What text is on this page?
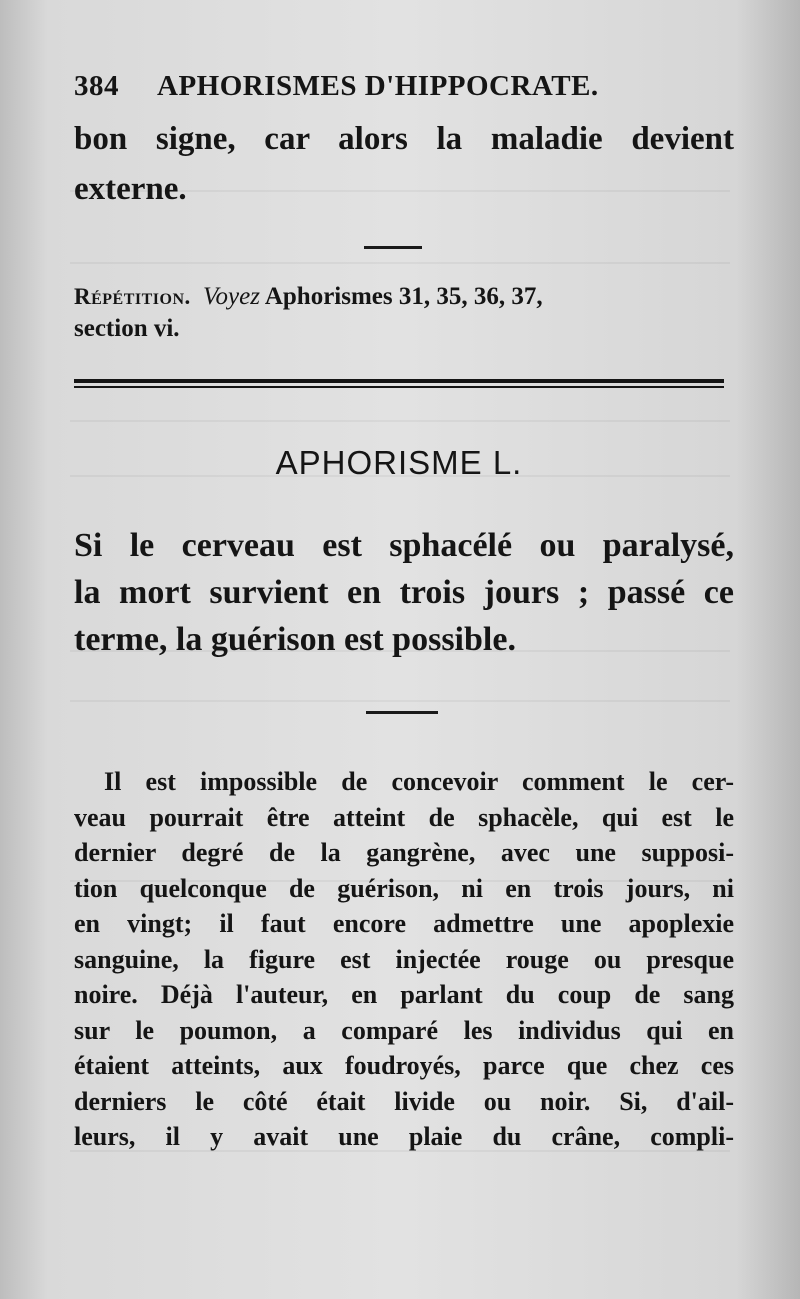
384 APHORISMES D'HIPPOCRATE.
bon signe, car alors la maladie devient
externe.
Répétition. Voyez Aphorismes 31, 35, 36, 37,
section vi.
APHORISME L.
Si le cerveau est sphacélé ou paralysé,
la mort survient en trois jours ; passé ce
terme, la guérison est possible.
Il est impossible de concevoir comment le cer-
veau pourrait être atteint de sphacèle, qui est le
dernier degré de la gangrène, avec une supposi-
tion quelconque de guérison, ni en trois jours, ni
en vingt; il faut encore admettre une apoplexie
sanguine, la figure est injectée rouge ou presque
noire. Déjà l'auteur, en parlant du coup de sang
sur le poumon, a comparé les individus qui en
étaient atteints, aux foudroyés, parce que chez ces
derniers le côté était livide ou noir. Si, d'ail-
leurs, il y avait une plaie du crâne, compli-
